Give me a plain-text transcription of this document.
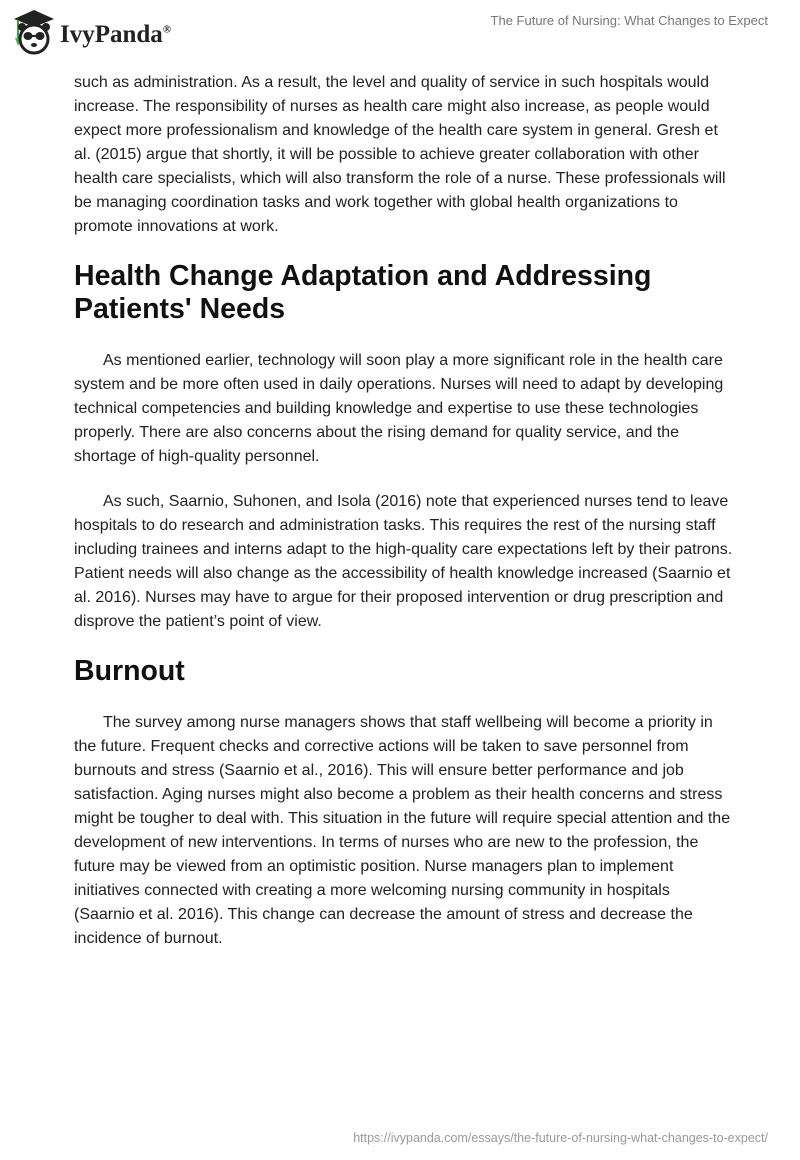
IvyPanda®
The Future of Nursing: What Changes to Expect

such as administration. As a result, the level and quality of service in such hospitals would increase. The responsibility of nurses as health care might also increase, as people would expect more professionalism and knowledge of the health care system in general. Gresh et al. (2015) argue that shortly, it will be possible to achieve greater collaboration with other health care specialists, which will also transform the role of a nurse. These professionals will be managing coordination tasks and work together with global health organizations to promote innovations at work.

Health Change Adaptation and Addressing Patients' Needs

As mentioned earlier, technology will soon play a more significant role in the health care system and be more often used in daily operations. Nurses will need to adapt by developing technical competencies and building knowledge and expertise to use these technologies properly. There are also concerns about the rising demand for quality service, and the shortage of high-quality personnel.

As such, Saarnio, Suhonen, and Isola (2016) note that experienced nurses tend to leave hospitals to do research and administration tasks. This requires the rest of the nursing staff including trainees and interns adapt to the high-quality care expectations left by their patrons. Patient needs will also change as the accessibility of health knowledge increased (Saarnio et al. 2016). Nurses may have to argue for their proposed intervention or drug prescription and disprove the patient’s point of view.

Burnout

The survey among nurse managers shows that staff wellbeing will become a priority in the future. Frequent checks and corrective actions will be taken to save personnel from burnouts and stress (Saarnio et al., 2016). This will ensure better performance and job satisfaction. Aging nurses might also become a problem as their health concerns and stress might be tougher to deal with. This situation in the future will require special attention and the development of new interventions. In terms of nurses who are new to the profession, the future may be viewed from an optimistic position. Nurse managers plan to implement initiatives connected with creating a more welcoming nursing community in hospitals (Saarnio et al. 2016). This change can decrease the amount of stress and decrease the incidence of burnout.

https://ivypanda.com/essays/the-future-of-nursing-what-changes-to-expect/
